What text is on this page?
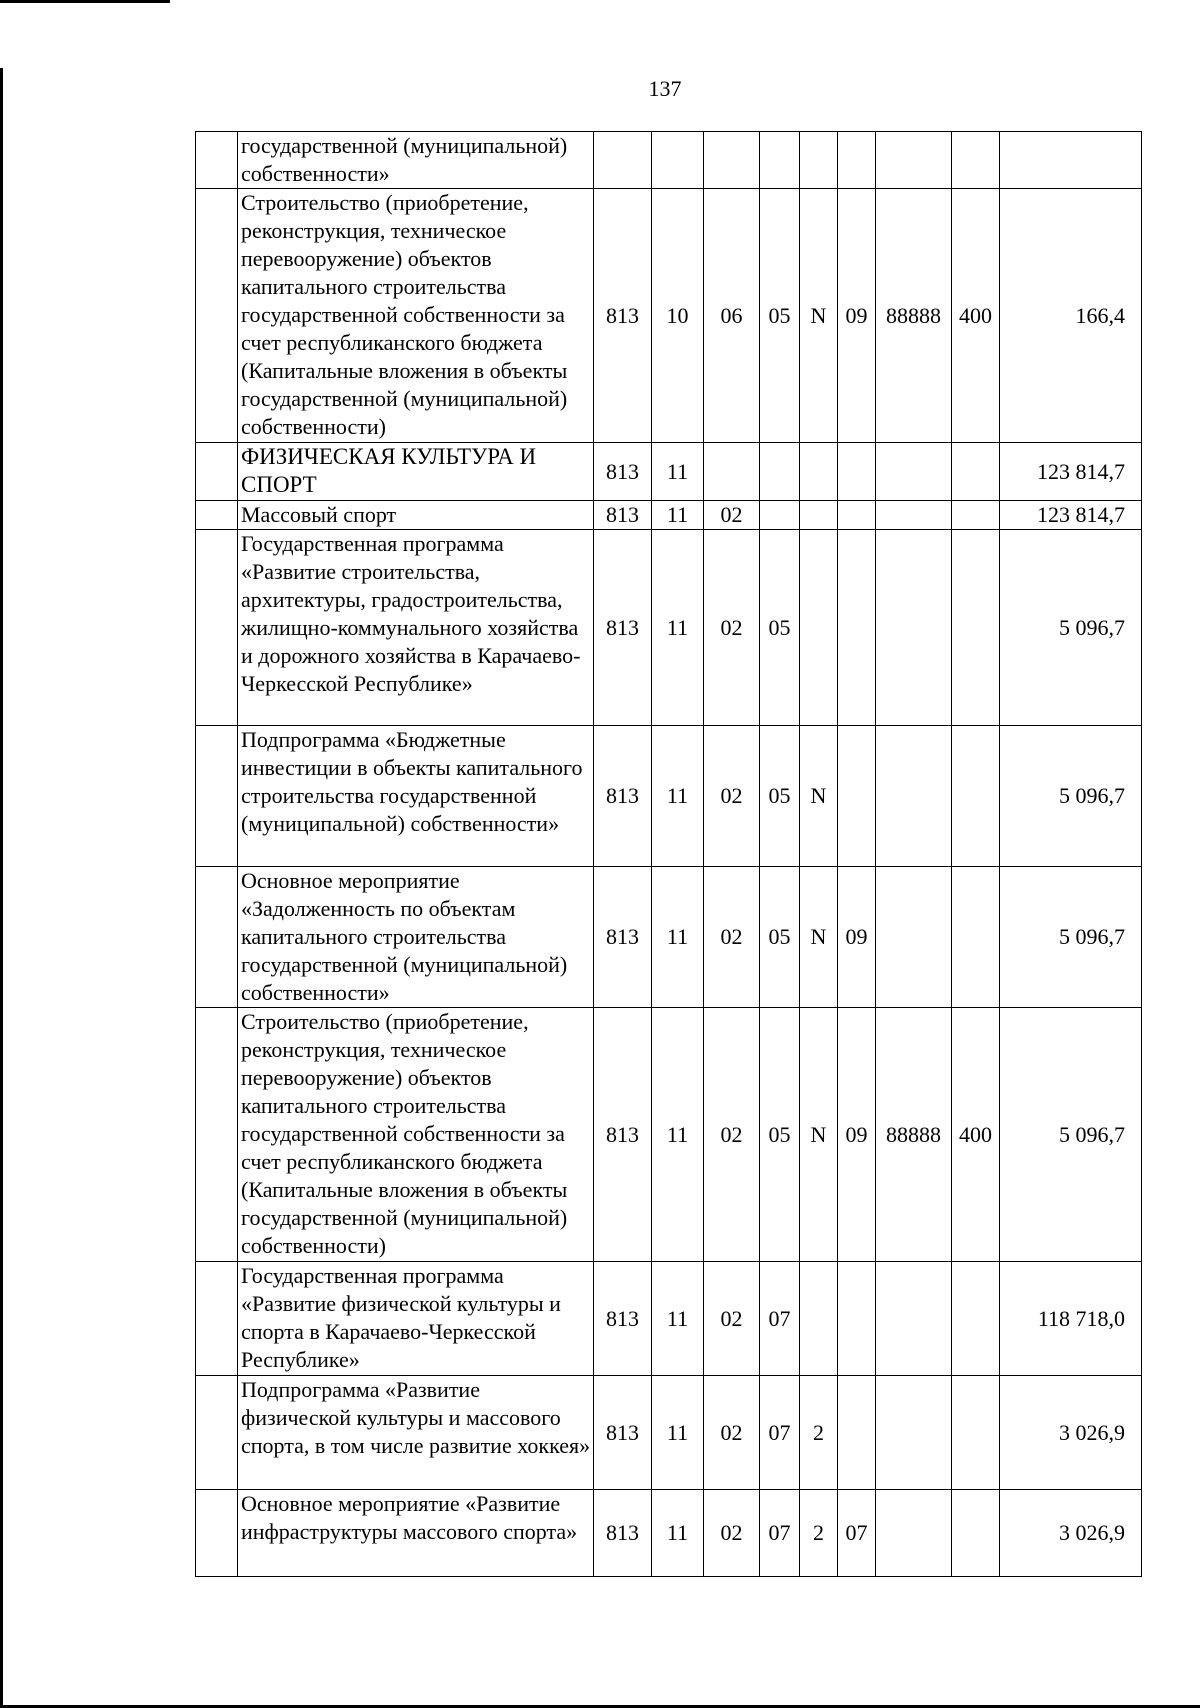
137
	государственной (муниципальной) собственности»									
	Строительство (приобретение, реконструкция, техническое перевооружение) объектов капитального строительства государственной собственности за счет республиканского бюджета (Капитальные вложения в объекты государственной (муниципальной) собственности)	813	10	06	05	N	09	88888	400	166,4
	ФИЗИЧЕСКАЯ КУЛЬТУРА И СПОРТ	813	11							123 814,7
	Массовый спорт	813	11	02						123 814,7
	Государственная программа «Развитие строительства, архитектуры, градостроительства, жилищно-коммунального хозяйства и дорожного хозяйства в Карачаево-Черкесской Республике»	813	11	02	05					5 096,7
	Подпрограмма «Бюджетные инвестиции в объекты капитального строительства государственной (муниципальной) собственности»	813	11	02	05	N				5 096,7
	Основное мероприятие «Задолженность по объектам капитального строительства государственной (муниципальной) собственности»	813	11	02	05	N	09			5 096,7
	Строительство (приобретение, реконструкция, техническое перевооружение) объектов капитального строительства государственной собственности за счет республиканского бюджета (Капитальные вложения в объекты государственной (муниципальной) собственности)	813	11	02	05	N	09	88888	400	5 096,7
	Государственная программа «Развитие физической культуры и спорта в Карачаево-Черкесской Республике»	813	11	02	07					118 718,0
	Подпрограмма «Развитие физической культуры и массового спорта, в том числе развитие хоккея»	813	11	02	07	2				3 026,9
	Основное мероприятие «Развитие инфраструктуры массового спорта»	813	11	02	07	2	07			3 026,9
